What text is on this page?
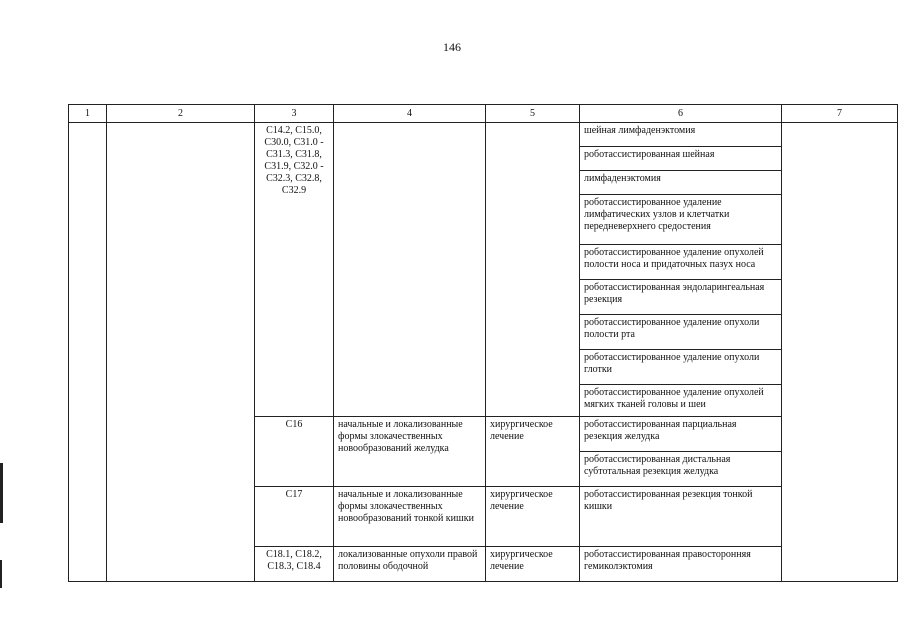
146
1	2	3	4	5	6	7
		C14.2, C15.0, C30.0, C31.0 - C31.3, C31.8, C31.9, C32.0 - C32.3, C32.8, C32.9			шейная лимфаденэктомия	
					роботассистированная шейная	
					лимфаденэктомия	
					роботассистированное удаление лимфатических узлов и клетчатки передневерхнего средостения	
					роботассистированное удаление опухолей полости носа и придаточных пазух носа	
					роботассистированная эндоларингеальная резекция	
					роботассистированное удаление опухоли полости рта	
					роботассистированное удаление опухоли глотки	
					роботассистированное удаление опухолей мягких тканей головы и шеи	
		C16	начальные и локализованные формы злокачественных новообразований желудка	хирургическое лечение	роботассистированная парциальная резекция желудка	
					роботассистированная дистальная субтотальная резекция желудка	
		C17	начальные и локализованные формы злокачественных новообразований тонкой кишки	хирургическое лечение	роботассистированная резекция тонкой кишки	
		C18.1, C18.2, C18.3, C18.4	локализованные опухоли правой половины ободочной	хирургическое лечение	роботассистированная правосторонняя гемиколэктомия	
